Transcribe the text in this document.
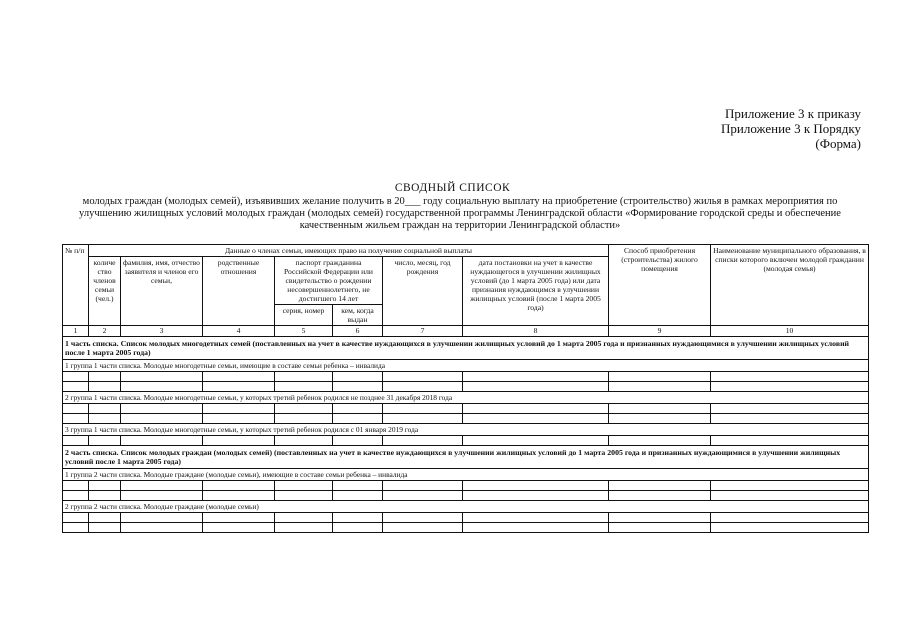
Приложение 3 к приказу
Приложение 3 к Порядку
(Форма)
СВОДНЫЙ СПИСОК
молодых граждан (молодых семей), изъявивших желание получить в 20___ году социальную выплату на приобретение (строительство) жилья в рамках мероприятия по улучшению жилищных условий молодых граждан (молодых семей) государственной программы Ленинградской области «Формирование городской среды и обеспечение качественным жильем граждан на территории Ленинградской области»
№ п/п	Данные о членах семьи, имеющих право на получение социальной выплаты							Способ приобретения (строительства) жилого помещения	Наименование муниципального образования, в списки которого включен молодой гражданин (молодая семья)
	количе ство членов семьи (чел.)	фамилия, имя, отчество заявителя и членов его семьи,	родственные отношения	паспорт гражданина Российской Федерации или свидетельство о рождении несовершеннолетнего, не достигшего 14 лет		число, месяц, год рождения	дата постановки на учет в качестве нуждающегося в улучшении жилищных условий (до 1 марта 2005 года) или дата признания нуждающимся в улучшении жилищных условий (после 1 марта 2005 года)		
				серия, номер	кем, когда выдан				
1	2	3	4	5	6	7	8	9	10
1 часть списка. Список молодых многодетных семей (поставленных на учет в качестве нуждающихся в улучшении жилищных условий до 1 марта 2005 года и признанных нуждающимися в улучшении жилищных условий после 1 марта 2005 года)									
1 группа 1 части списка. Молодые многодетные семьи, имеющие в составе семьи ребенка – инвалида									

2 группа 1 части списка. Молодые многодетные семьи, у которых третий ребенок родился не позднее 31 декабря 2018 года									

3 группа 1 части списка. Молодые многодетные семьи, у которых третий ребенок родился с 01 января 2019 года									

2 часть списка. Список молодых граждан (молодых семей) (поставленных на учет в качестве нуждающихся в улучшении жилищных условий до 1 марта 2005 года и признанных нуждающимися в улучшении жилищных условий после 1 марта 2005 года)									
1 группа 2 части списка. Молодые граждане (молодые семьи), имеющие в составе семьи ребенка – инвалида									

2 группа 2 части списка. Молодые граждане (молодые семьи)									
